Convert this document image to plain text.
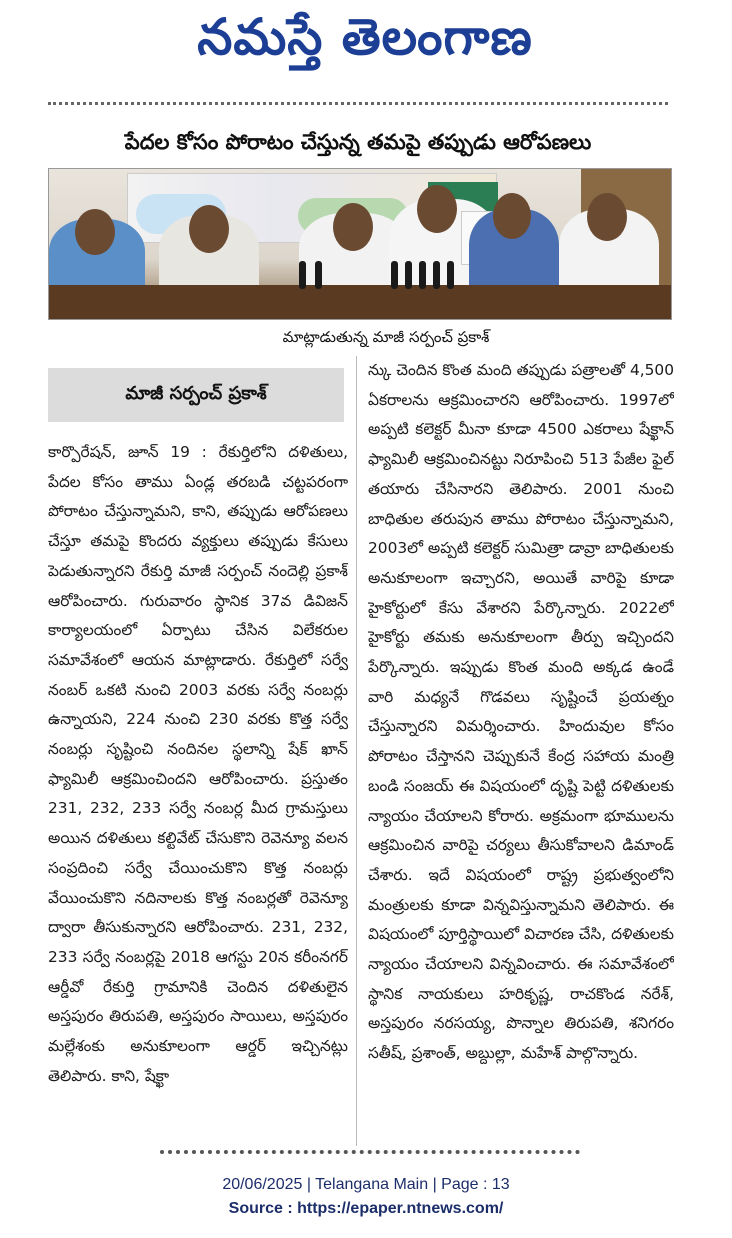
నమస్తే తెలంగాణ
పేదల కోసం పోరాటం చేస్తున్న తమపై తప్పుడు ఆరోపణలు
మాట్లాడుతున్న మాజీ సర్పంచ్ ప్రకాశ్
మాజీ సర్పంచ్ ప్రకాశ్
కార్పొరేషన్, జూన్ 19 : రేకుర్తిలోని దళితులు, పేదల కోసం తాము ఏండ్ల తరబడి చట్టపరంగా పోరాటం చేస్తున్నామని, కాని, తప్పుడు ఆరోపణలు చేస్తూ తమపై కొందరు వ్యక్తులు తప్పుడు కేసులు పెడుతున్నారని రేకుర్తి మాజీ సర్పంచ్ నందెల్లి ప్రకాశ్ ఆరోపించారు. గురువారం స్థానిక 37వ డివిజన్ కార్యాలయంలో ఏర్పాటు చేసిన విలేకరుల సమావేశంలో ఆయన మాట్లాడారు. రేకుర్తిలో సర్వే నంబర్ ఒకటి నుంచి 2003 వరకు సర్వే నంబర్లు ఉన్నాయని, 224 నుంచి 230 వరకు కొత్త సర్వే నంబర్లు సృష్టించి నందినల స్థలాన్ని షేక్ ఖాన్ ఫ్యామిలీ ఆక్రమించిందని ఆరోపించారు. ప్రస్తుతం 231, 232, 233 సర్వే నంబర్ల మీద గ్రామస్తులు అయిన దళితులు కల్టివేట్ చేసుకొని రెవెన్యూ వలన సంప్రదించి సర్వే చేయించుకొని కొత్త నంబర్లు వేయించుకొని నదినాలకు కొత్త నంబర్లతో రెవెన్యూ ద్వారా తీసుకున్నారని ఆరోపించారు. 231, 232, 233 సర్వే నంబర్లపై 2018 ఆగస్టు 20న కరీంనగర్ ఆర్డీవో రేకుర్తి గ్రామానికి చెందిన దళితులైన అస్తపురం తిరుపతి, అస్తపురం సాయిలు, అస్తపురం మల్లేశంకు అనుకూలంగా ఆర్డర్ ఇచ్చినట్లు తెలిపారు. కాని, షేక్ఖా
న్కు చెందిన కొంత మంది తప్పుడు పత్రాలతో 4,500 ఏకరాలను ఆక్రమించారని ఆరోపించారు. 1997లో అప్పటి కలెక్టర్ మీనా కూడా 4500 ఎకరాలు షేక్ఖాన్ ఫ్యామిలీ ఆక్రమించినట్టు నిరూపించి 513 పేజీల ఫైల్ తయారు చేసినారని తెలిపారు. 2001 నుంచి బాధితుల తరుపున తాము పోరాటం చేస్తున్నామని, 2003లో అప్పటి కలెక్టర్ సుమిత్రా డావ్రా బాధితులకు అనుకూలంగా ఇచ్చారని, అయితే వారిపై కూడా హైకోర్టులో కేసు వేశారని పేర్కొన్నారు. 2022లో హైకోర్టు తమకు అనుకూలంగా తీర్పు ఇచ్చిందని పేర్కొన్నారు. ఇప్పుడు కొంత మంది అక్కడ ఉండే వారి మధ్యనే గొడవలు సృష్టించే ప్రయత్నం చేస్తున్నారని విమర్శించారు. హిందువుల కోసం పోరాటం చేస్తానని చెప్పుకునే కేంద్ర సహాయ మంత్రి బండి సంజయ్ ఈ విషయంలో దృష్టి పెట్టి దళితులకు న్యాయం చేయాలని కోరారు. అక్రమంగా భూములను ఆక్రమించిన వారిపై చర్యలు తీసుకోవాలని డిమాండ్ చేశారు. ఇదే విషయంలో రాష్ట్ర ప్రభుత్వంలోని మంత్రులకు కూడా విన్నవిస్తున్నామని తెలిపారు. ఈ విషయంలో పూర్తిస్థాయిలో విచారణ చేసి, దళితులకు న్యాయం చేయాలని విన్నవించారు. ఈ సమావేశంలో స్థానిక నాయకులు హరికృష్ణ, రాచకొండ నరేశ్, అస్తపురం నరసయ్య, పొన్నాల తిరుపతి, శనిగరం సతీష్, ప్రశాంత్, అబ్దుల్లా, మహేశ్ పాల్గొన్నారు.
20/06/2025 | Telangana Main | Page : 13
Source : https://epaper.ntnews.com/
